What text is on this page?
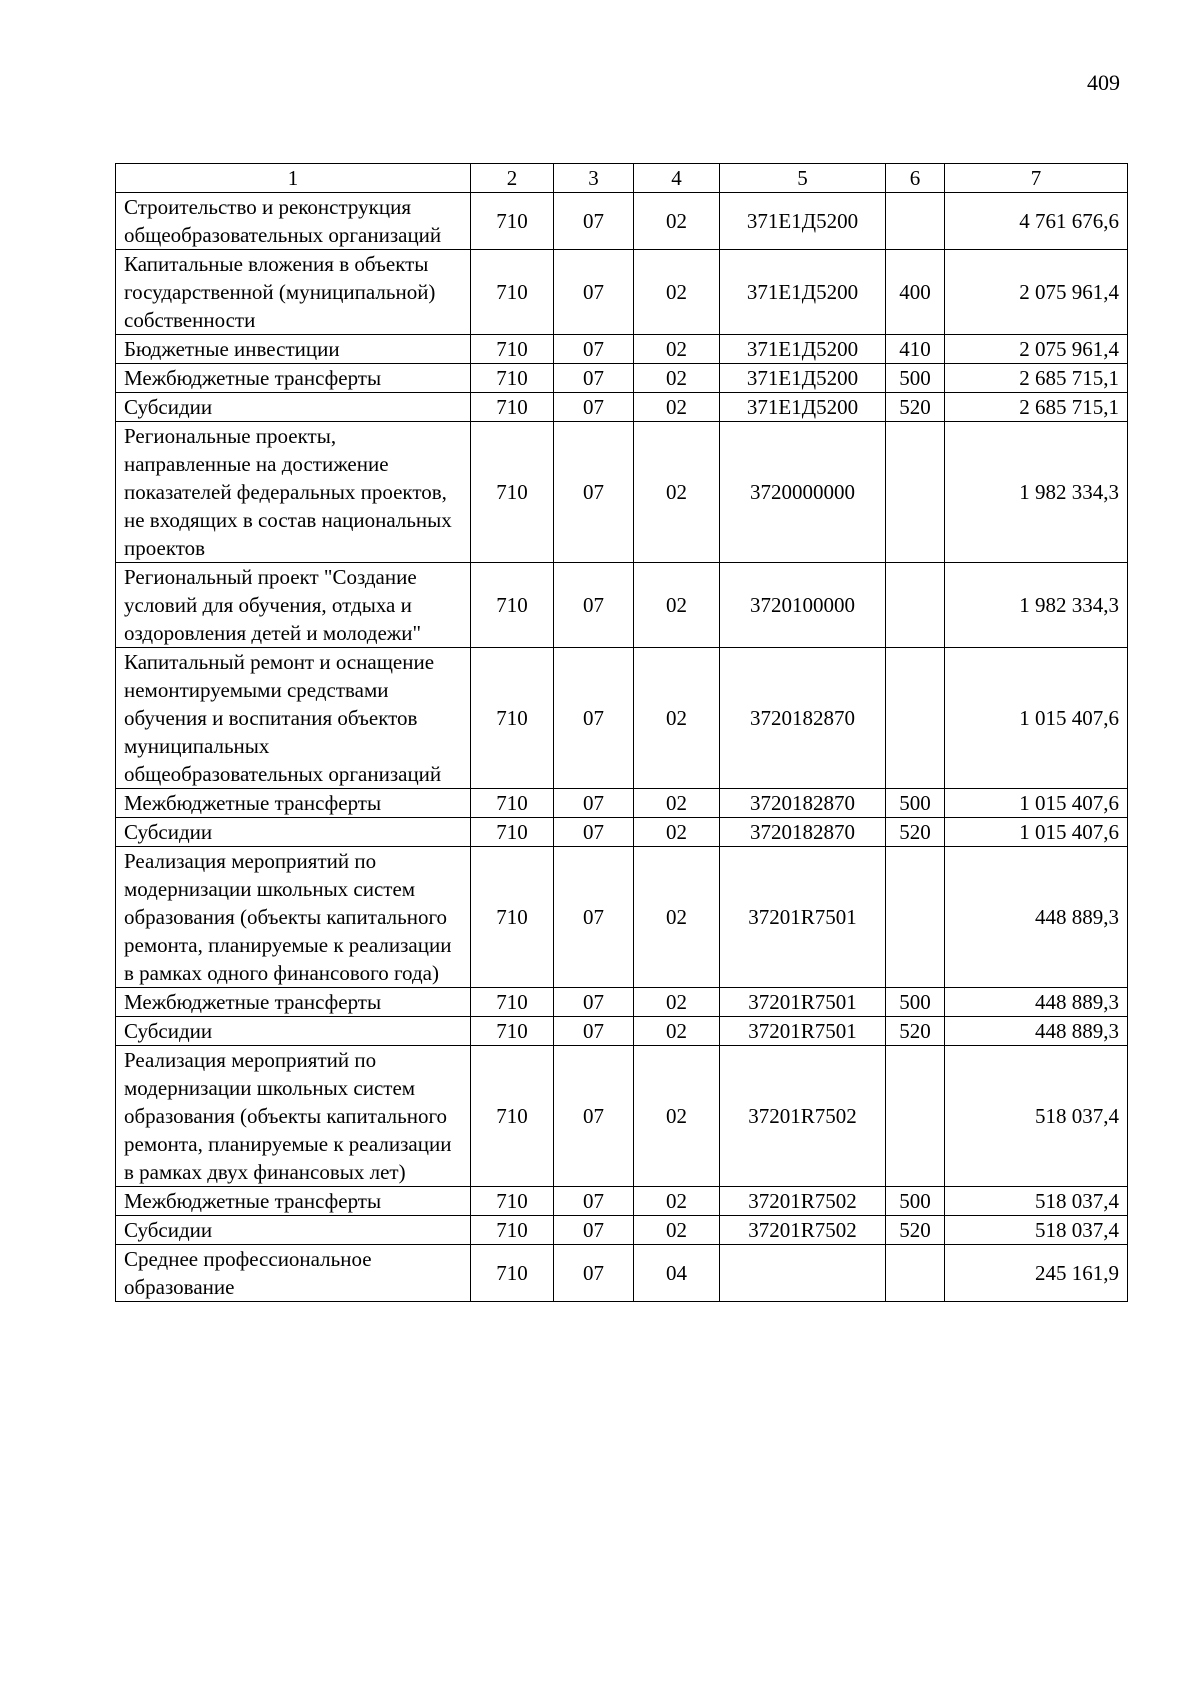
409
1	2	3	4	5	6	7
Строительство и реконструкция общеобразовательных организаций	710	07	02	371Е1Д5200		4 761 676,6
Капитальные вложения в объекты государственной (муниципальной) собственности	710	07	02	371Е1Д5200	400	2 075 961,4
Бюджетные инвестиции	710	07	02	371Е1Д5200	410	2 075 961,4
Межбюджетные трансферты	710	07	02	371Е1Д5200	500	2 685 715,1
Субсидии	710	07	02	371Е1Д5200	520	2 685 715,1
Региональные проекты, направленные на достижение показателей федеральных проектов, не входящих в состав национальных проектов	710	07	02	3720000000		1 982 334,3
Региональный проект "Создание условий для обучения, отдыха и оздоровления детей и молодежи"	710	07	02	3720100000		1 982 334,3
Капитальный ремонт и оснащение немонтируемыми средствами обучения и воспитания объектов муниципальных общеобразовательных организаций	710	07	02	3720182870		1 015 407,6
Межбюджетные трансферты	710	07	02	3720182870	500	1 015 407,6
Субсидии	710	07	02	3720182870	520	1 015 407,6
Реализация мероприятий по модернизации школьных систем образования (объекты капитального ремонта, планируемые к реализации в рамках одного финансового года)	710	07	02	37201R7501		448 889,3
Межбюджетные трансферты	710	07	02	37201R7501	500	448 889,3
Субсидии	710	07	02	37201R7501	520	448 889,3
Реализация мероприятий по модернизации школьных систем образования (объекты капитального ремонта, планируемые к реализации в рамках двух финансовых лет)	710	07	02	37201R7502		518 037,4
Межбюджетные трансферты	710	07	02	37201R7502	500	518 037,4
Субсидии	710	07	02	37201R7502	520	518 037,4
Среднее профессиональное образование	710	07	04			245 161,9
